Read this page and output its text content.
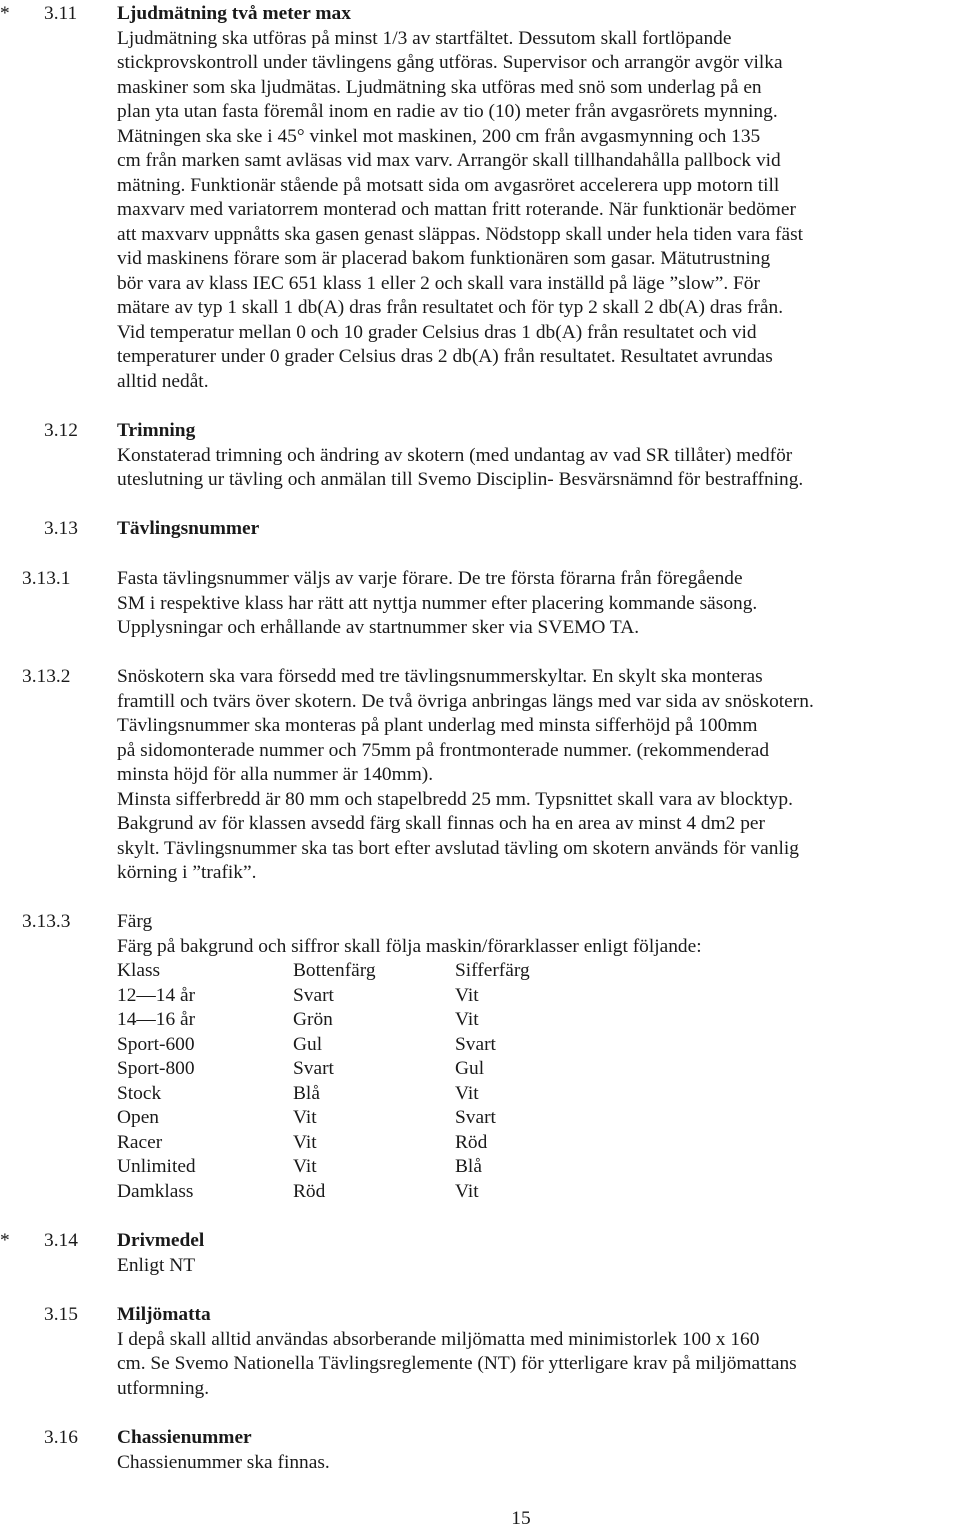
* 3.11 Ljudmätning två meter max
Ljudmätning ska utföras på minst 1/3 av startfältet. Dessutom skall fortlöpande
stickprovskontroll under tävlingens gång utföras. Supervisor och arrangör avgör vilka
maskiner som ska ljudmätas. Ljudmätning ska utföras med snö som underlag på en
plan yta utan fasta föremål inom en radie av tio (10) meter från avgasrörets mynning.
Mätningen ska ske i 45° vinkel mot maskinen, 200 cm från avgasmynning och 135
cm från marken samt avläsas vid max varv. Arrangör skall tillhandahålla pallbock vid
mätning. Funktionär stående på motsatt sida om avgasröret accelerera upp motorn till
maxvarv med variatorrem monterad och mattan fritt roterande. När funktionär bedömer
att maxvarv uppnåtts ska gasen genast släppas. Nödstopp skall under hela tiden vara fäst
vid maskinens förare som är placerad bakom funktionären som gasar. Mätutrustning
bör vara av klass IEC 651 klass 1 eller 2 och skall vara inställd på läge ”slow”. För
mätare av typ 1 skall 1 db(A) dras från resultatet och för typ 2 skall 2 db(A) dras från.
Vid temperatur mellan 0 och 10 grader Celsius dras 1 db(A) från resultatet och vid
temperaturer under 0 grader Celsius dras 2 db(A) från resultatet. Resultatet avrundas
alltid nedåt.
3.12 Trimning
Konstaterad trimning och ändring av skotern (med undantag av vad SR tillåter) medför
uteslutning ur tävling och anmälan till Svemo Disciplin- Besvärsnämnd för bestraffning.
3.13 Tävlingsnummer
3.13.1 Fasta tävlingsnummer väljs av varje förare. De tre första förarna från föregående
SM i respektive klass har rätt att nyttja nummer efter placering kommande säsong.
Upplysningar och erhållande av startnummer sker via SVEMO TA.
3.13.2 Snöskotern ska vara försedd med tre tävlingsnummerskyltar. En skylt ska monteras
framtill och tvärs över skotern. De två övriga anbringas längs med var sida av snöskotern.
Tävlingsnummer ska monteras på plant underlag med minsta sifferhöjd på 100mm
på sidomonterade nummer och 75mm på frontmonterade nummer. (rekommenderad
minsta höjd för alla nummer är 140mm).
Minsta sifferbredd är 80 mm och stapelbredd 25 mm. Typsnittet skall vara av blocktyp.
Bakgrund av för klassen avsedd färg skall finnas och ha en area av minst 4 dm2 per
skylt. Tävlingsnummer ska tas bort efter avslutad tävling om skotern används för vanlig
körning i ”trafik”.
3.13.3 Färg
Färg på bakgrund och siffror skall följa maskin/förarklasser enligt följande:
Klass	Bottenfärg	Sifferfärg
12—14 år	Svart	Vit
14—16 år	Grön	Vit
Sport-600	Gul	Svart
Sport-800	Svart	Gul
Stock	Blå	Vit
Open	Vit	Svart
Racer	Vit	Röd
Unlimited	Vit	Blå
Damklass	Röd	Vit
* 3.14 Drivmedel
Enligt NT
3.15 Miljömatta
I depå skall alltid användas absorberande miljömatta med minimistorlek 100 x 160
cm. Se Svemo Nationella Tävlingsreglemente (NT) för ytterligare krav på miljömattans
utformning.
3.16 Chassienummer
Chassienummer ska finnas.
15
